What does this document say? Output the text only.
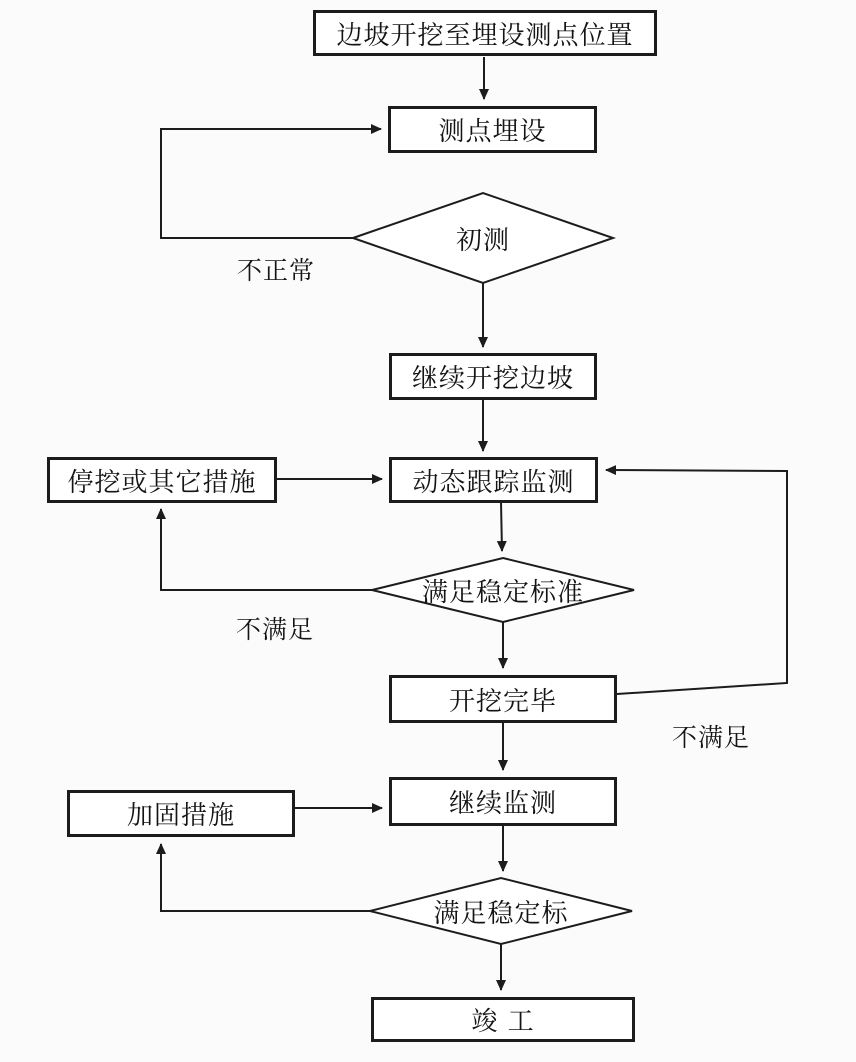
边坡开挖至埋设测点位置
测点埋设
继续开挖边坡
动态跟踪监测
停挖或其它措施
开挖完毕
继续监测
加固措施
竣 工
初测
满足稳定标准
满足稳定标
不正常
不满足
不满足
